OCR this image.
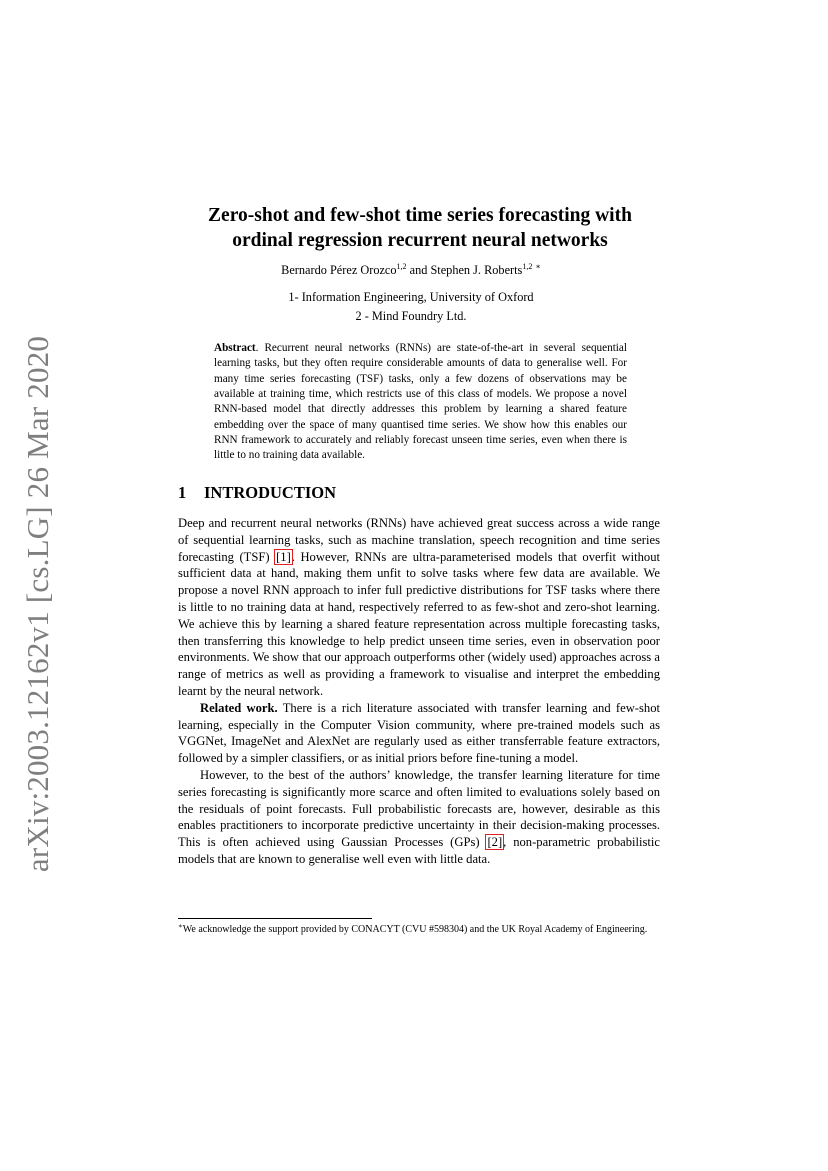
arXiv:2003.12162v1 [cs.LG] 26 Mar 2020
Zero-shot and few-shot time series forecasting with
ordinal regression recurrent neural networks
Bernardo Pérez Orozco$^{1,2}$ and Stephen J. Roberts$^{1,2}$ ∗
1- Information Engineering, University of Oxford
2 - Mind Foundry Ltd.
Abstract. Recurrent neural networks (RNNs) are state-of-the-art in several sequential learning tasks, but they often require considerable amounts of data to generalise well. For many time series forecasting (TSF) tasks, only a few dozens of observations may be available at training time, which restricts use of this class of models. We propose a novel RNN-based model that directly addresses this problem by learning a shared feature embedding over the space of many quantised time series. We show how this enables our RNN framework to accurately and reliably forecast unseen time series, even when there is little to no training data available.
1 INTRODUCTION

Deep and recurrent neural networks (RNNs) have achieved great success across a wide range of sequential learning tasks, such as machine translation, speech recognition and time series forecasting (TSF) [1]. However, RNNs are ultra-parameterised models that overfit without sufficient data at hand, making them unfit to solve tasks where few data are available. We propose a novel RNN approach to infer full predictive distributions for TSF tasks where there is little to no training data at hand, respectively referred to as few-shot and zero-shot learning. We achieve this by learning a shared feature representation across multiple forecasting tasks, then transferring this knowledge to help predict unseen time series, even in observation poor environments. We show that our approach outperforms other (widely used) approaches across a range of metrics as well as providing a framework to visualise and interpret the embedding learnt by the neural network.

Related work. There is a rich literature associated with transfer learning and few-shot learning, especially in the Computer Vision community, where pre-trained models such as VGGNet, ImageNet and AlexNet are regularly used as either transferrable feature extractors, followed by a simpler classifiers, or as initial priors before fine-tuning a model.

However, to the best of the authors’ knowledge, the transfer learning literature for time series forecasting is significantly more scarce and often limited to evaluations solely based on the residuals of point forecasts. Full probabilistic forecasts are, however, desirable as this enables practitioners to incorporate predictive uncertainty in their decision-making processes. This is often achieved using Gaussian Processes (GPs) [2], non-parametric probabilistic models that are known to generalise well even with little data.

∗We acknowledge the support provided by CONACYT (CVU #598304) and the UK Royal Academy of Engineering.
